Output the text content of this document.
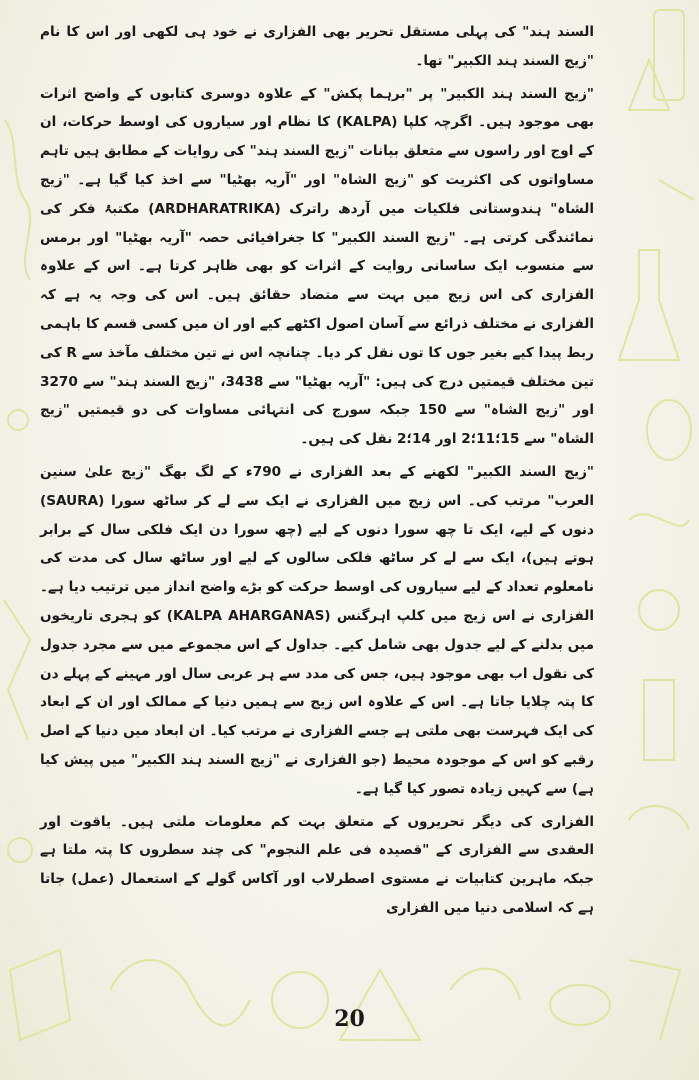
السند ہند" کی پہلی مستقل تحریر بھی الفزاری نے خود ہی لکھی اور اس کا نام "زیج السند ہند الکبیر" تھا۔

"زیج السند ہند الکبیر" پر "برہما پکش" کے علاوہ دوسری کتابوں کے واضح اثرات بھی موجود ہیں۔ اگرچہ کلپا (KALPA) کا نظام اور سیاروں کی اوسط حرکات، ان کے اوج اور راسوں سے متعلق بیانات "زیج السند ہند" کی روایات کے مطابق ہیں تاہم مساواتوں کی اکثریت کو "زیج الشاہ" اور "آریہ بھٹیا" سے اخذ کیا گیا ہے۔ "زیج الشاہ" ہندوستانی فلکیات میں آردھ راترک (ARDHARATRIKA) مکتبۂ فکر کی نمائندگی کرتی ہے۔ "زیج السند الکبیر" کا جغرافیائی حصہ "آریہ بھٹیا" اور برمس سے منسوب ایک ساسانی روایت کے اثرات کو بھی ظاہر کرتا ہے۔ اس کے علاوہ الفزاری کی اس زیج میں بہت سے متضاد حقائق ہیں۔ اس کی وجہ یہ ہے کہ الفزاری نے مختلف ذرائع سے آسان اصول اکٹھے کیے اور ان میں کسی قسم کا باہمی ربط پیدا کیے بغیر جوں کا توں نقل کر دیا۔ چنانچہ اس نے تین مختلف مآخذ سے R کی تین مختلف قیمتیں درج کی ہیں: "آریہ بھٹیا" سے 3438، "زیج السند ہند" سے 3270 اور "زیج الشاہ" سے 150 جبکہ سورج کی انتہائی مساوات کی دو قیمتیں "زیج الشاہ" سے 15؛11؛2 اور 14؛2 نقل کی ہیں۔

"زیج السند الکبیر" لکھنے کے بعد الفزاری نے 790ء کے لگ بھگ "زیج علیٰ سنین العرب" مرتب کی۔ اس زیج میں الفزاری نے ایک سے لے کر ساٹھ سورا (SAURA) دنوں کے لیے، ایک تا چھ سورا دنوں کے لیے (چھ سورا دن ایک فلکی سال کے برابر ہوتے ہیں)، ایک سے لے کر ساٹھ فلکی سالوں کے لیے اور ساٹھ سال کی مدت کی نامعلوم تعداد کے لیے سیاروں کی اوسط حرکت کو بڑے واضح انداز میں ترتیب دیا ہے۔ الفزاری نے اس زیج میں کلپ اہرگنس (KALPA AHARGANAS) کو ہجری تاریخوں میں بدلنے کے لیے جدول بھی شامل کیے۔ جداول کے اس مجموعے میں سے مجرد جدول کی نقول اب بھی موجود ہیں، جس کی مدد سے ہر عربی سال اور مہینے کے پہلے دن کا پتہ چلایا جاتا ہے۔ اس کے علاوہ اس زیج سے ہمیں دنیا کے ممالک اور ان کے ابعاد کی ایک فہرست بھی ملتی ہے جسے الفزاری نے مرتب کیا۔ ان ابعاد میں دنیا کے اصل رقبے کو اس کے موجودہ محیط (جو الفزاری نے "زیج السند ہند الکبیر" میں پیش کیا ہے) سے کہیں زیادہ تصور کیا گیا ہے۔

الفزاری کی دیگر تحریروں کے متعلق بہت کم معلومات ملتی ہیں۔ یاقوت اور العقدی سے الفزاری کے "قصیدہ فی علم النجوم" کی چند سطروں کا پتہ ملتا ہے جبکہ ماہرین کتابیات نے مستوی اصطرلاب اور آکاس گولے کے استعمال (عمل) جاتا ہے کہ اسلامی دنیا میں الفزاری

20
